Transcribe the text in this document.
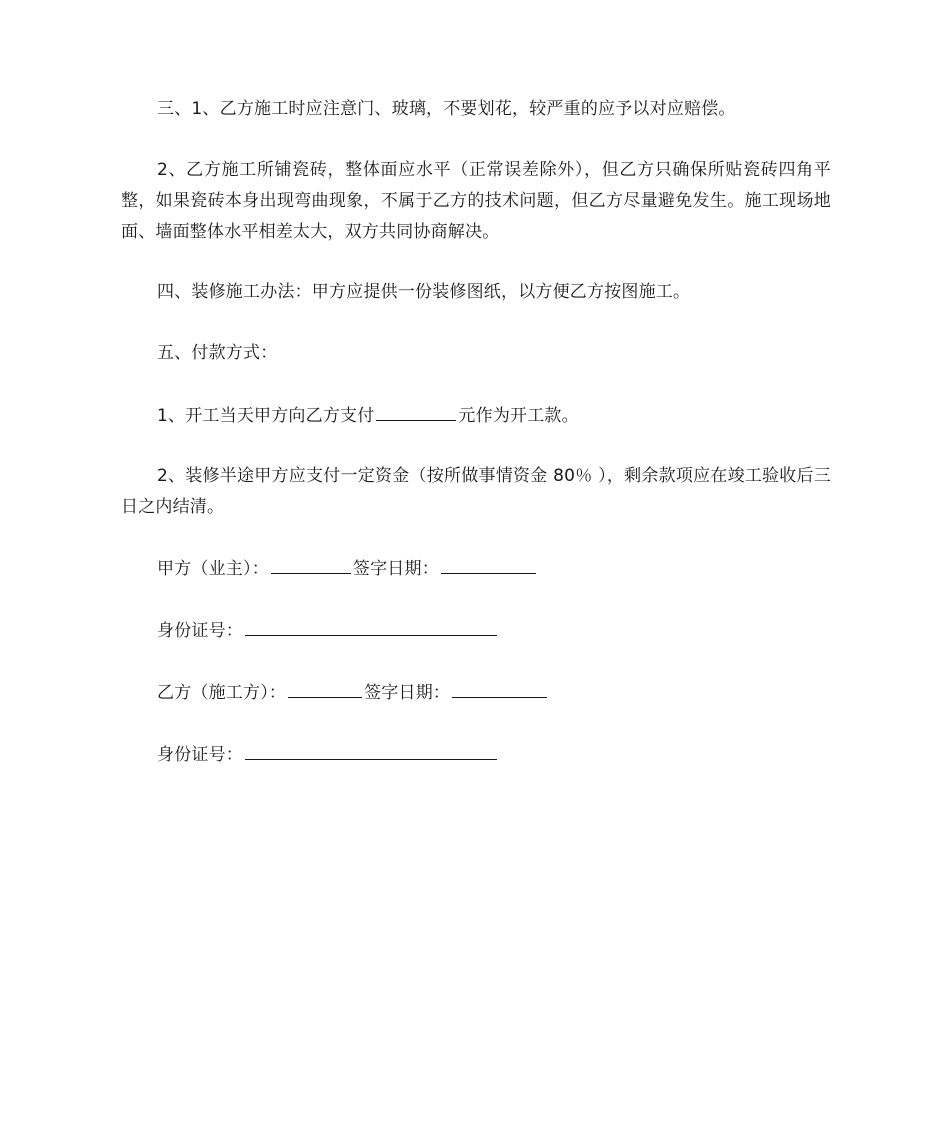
三、1、乙方施工时应注意门、玻璃，不要划花，较严重的应予以对应赔偿。

2、乙方施工所铺瓷砖，整体面应水平（正常误差除外），但乙方只确保所贴瓷砖四角平整，如果瓷砖本身出现弯曲现象，不属于乙方的技术问题，但乙方尽量避免发生。施工现场地面、墙面整体水平相差太大，双方共同协商解决。

四、装修施工办法：甲方应提供一份装修图纸，以方便乙方按图施工。

五、付款方式：

1、开工当天甲方向乙方支付	元作为开工款。

2、装修半途甲方应支付一定资金（按所做事情资金 80％ ），剩余款项应在竣工验收后三日之内结清。

甲方（业主）：	签字日期：
身份证号：
乙方（施工方）：	签字日期：
身份证号：
